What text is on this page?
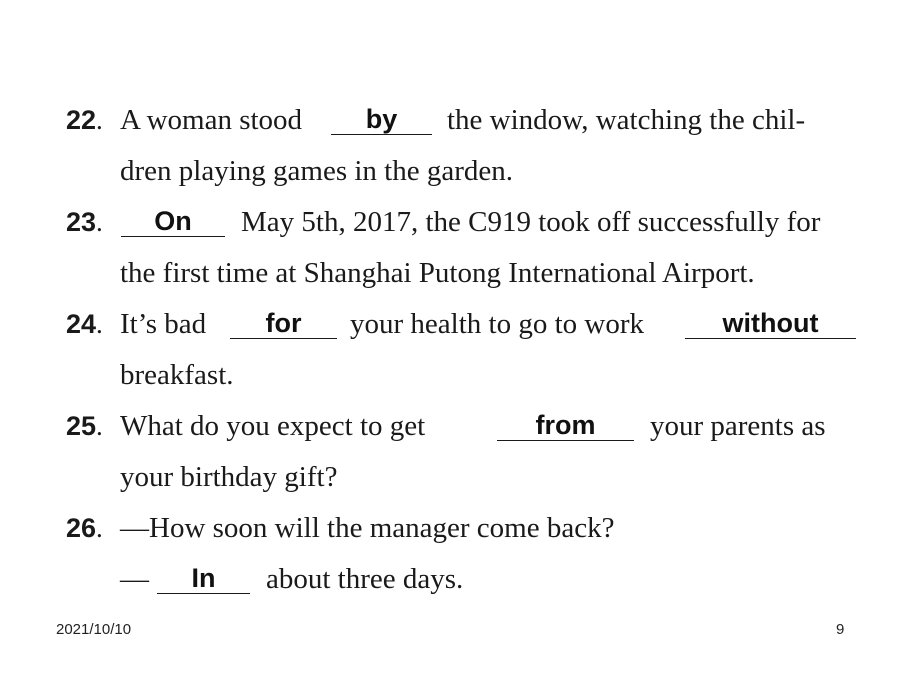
22. A woman stood	by	the window, watching the chil-
dren playing games in the garden.
23.	On	May 5th, 2017, the C919 took off successfully for
the first time at Shanghai Putong International Airport.
24. It’s bad	for	your health to go to work	without
breakfast.
25. What do you expect to get	from	your parents as
your birthday gift?
26. —How soon will the manager come back?
—	In	about three days.
2021/10/10	9
